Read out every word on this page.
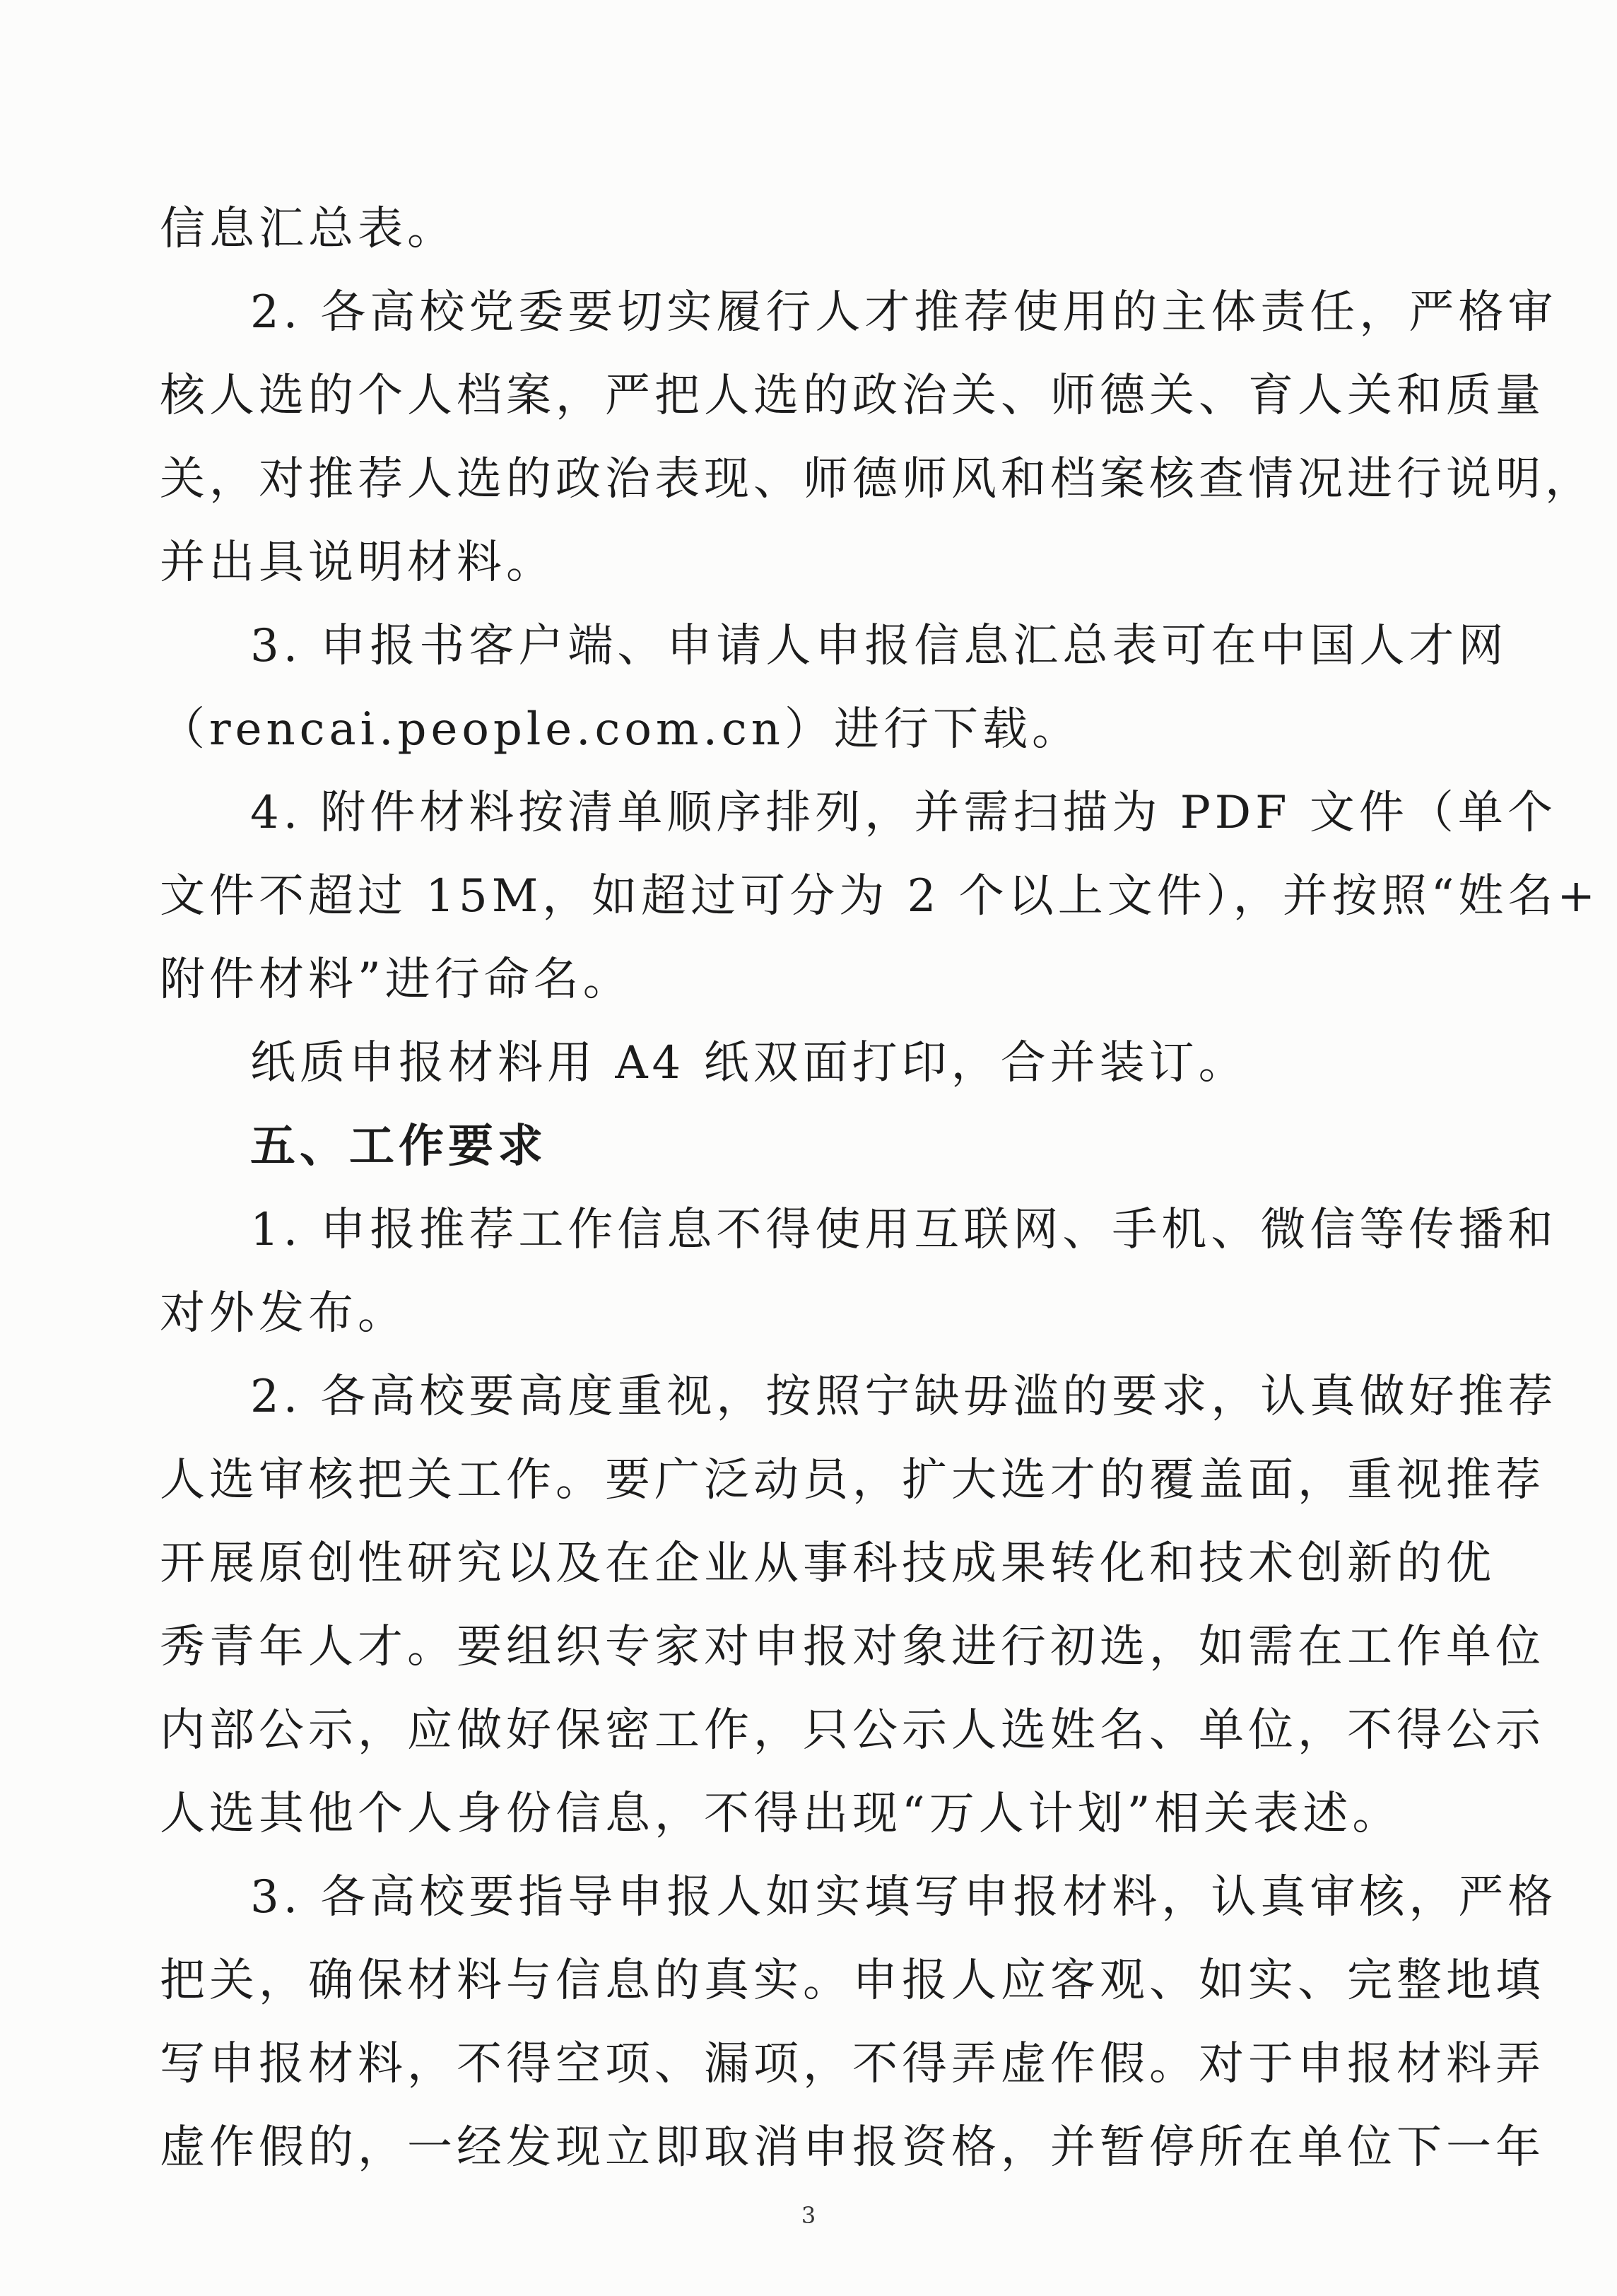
信息汇总表。
2. 各高校党委要切实履行人才推荐使用的主体责任，严格审
核人选的个人档案，严把人选的政治关、师德关、育人关和质量
关，对推荐人选的政治表现、师德师风和档案核查情况进行说明，
并出具说明材料。
3. 申报书客户端、申请人申报信息汇总表可在中国人才网
（rencai.people.com.cn）进行下载。
4. 附件材料按清单顺序排列，并需扫描为 PDF 文件（单个
文件不超过 15M，如超过可分为 2 个以上文件），并按照“姓名+
附件材料”进行命名。
纸质申报材料用 A4 纸双面打印，合并装订。
五、工作要求
1. 申报推荐工作信息不得使用互联网、手机、微信等传播和
对外发布。
2. 各高校要高度重视，按照宁缺毋滥的要求，认真做好推荐
人选审核把关工作。要广泛动员，扩大选才的覆盖面，重视推荐
开展原创性研究以及在企业从事科技成果转化和技术创新的优
秀青年人才。要组织专家对申报对象进行初选，如需在工作单位
内部公示，应做好保密工作，只公示人选姓名、单位，不得公示
人选其他个人身份信息，不得出现“万人计划”相关表述。
3. 各高校要指导申报人如实填写申报材料，认真审核，严格
把关，确保材料与信息的真实。申报人应客观、如实、完整地填
写申报材料，不得空项、漏项，不得弄虚作假。对于申报材料弄
虚作假的，一经发现立即取消申报资格，并暂停所在单位下一年
3
